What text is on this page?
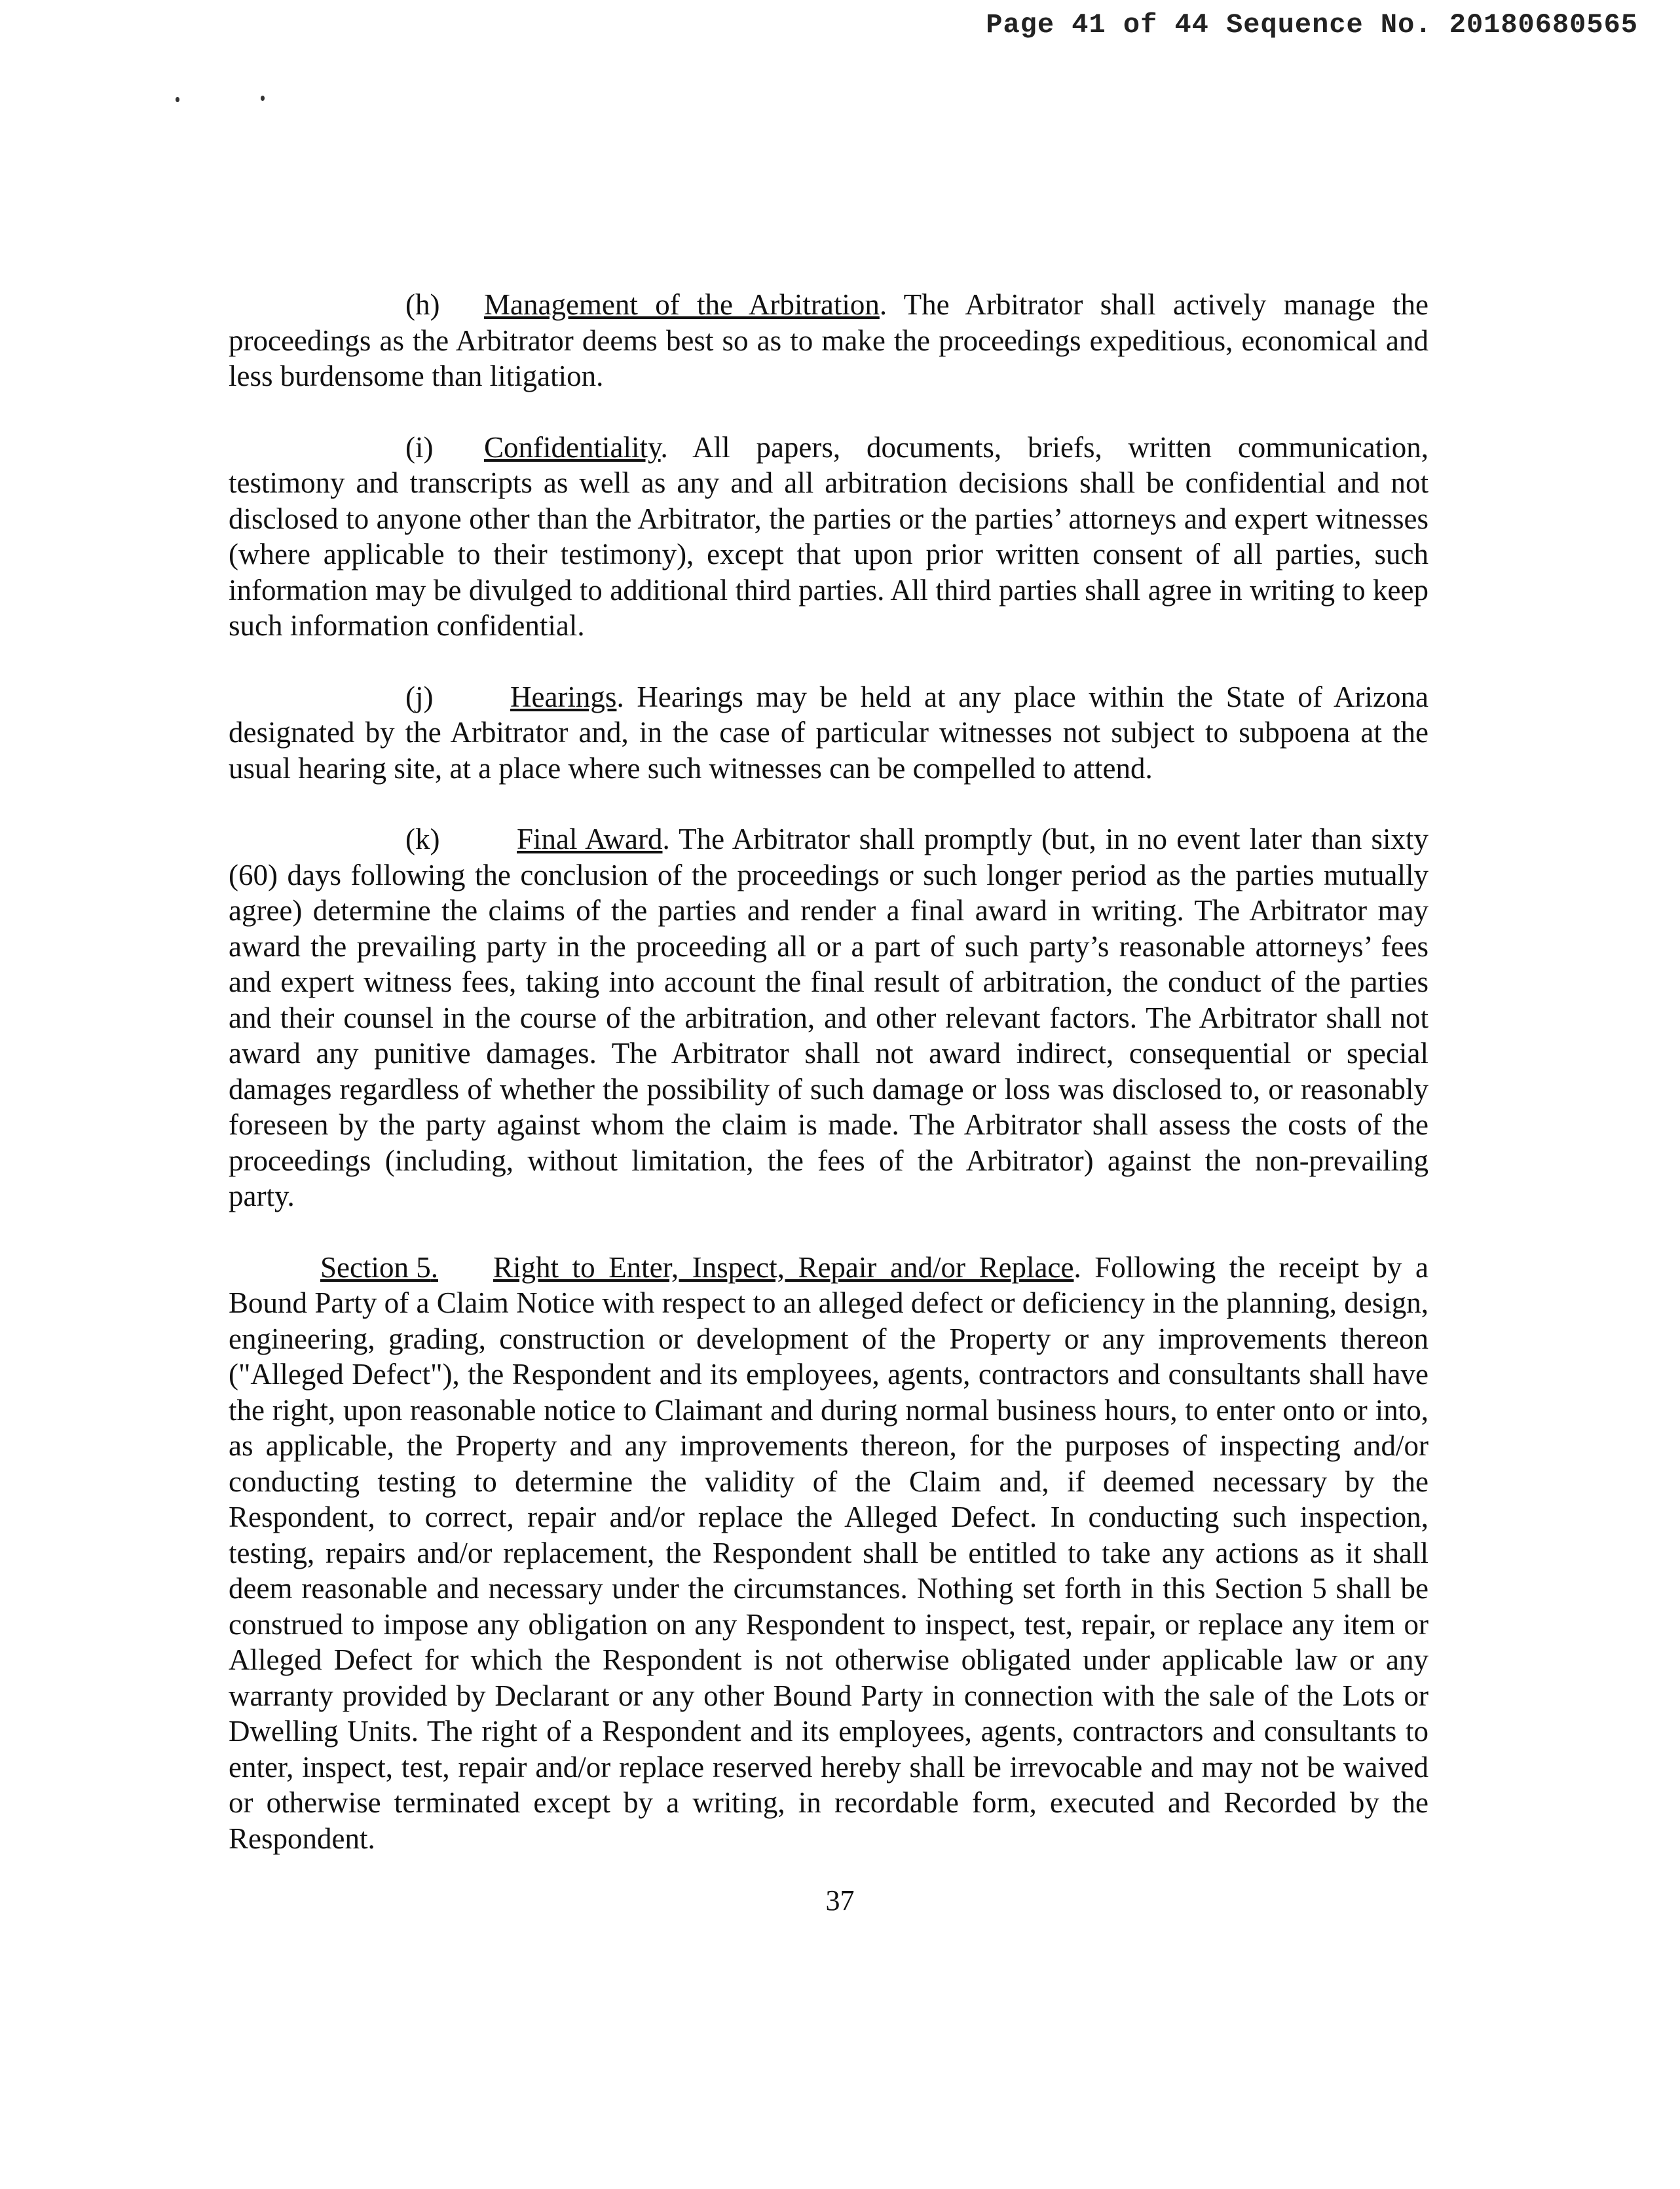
Page 41 of 44 Sequence No. 20180680565

(h) Management of the Arbitration. The Arbitrator shall actively manage the proceedings as the Arbitrator deems best so as to make the proceedings expeditious, economical and less burdensome than litigation.

(i) Confidentiality. All papers, documents, briefs, written communication, testimony and transcripts as well as any and all arbitration decisions shall be confidential and not disclosed to anyone other than the Arbitrator, the parties or the parties’ attorneys and expert witnesses (where applicable to their testimony), except that upon prior written consent of all parties, such information may be divulged to additional third parties. All third parties shall agree in writing to keep such information confidential.

(j)	Hearings. Hearings may be held at any place within the State of Arizona designated by the Arbitrator and, in the case of particular witnesses not subject to subpoena at the usual hearing site, at a place where such witnesses can be compelled to attend.

(k)	Final Award. The Arbitrator shall promptly (but, in no event later than sixty (60) days following the conclusion of the proceedings or such longer period as the parties mutually agree) determine the claims of the parties and render a final award in writing. The Arbitrator may award the prevailing party in the proceeding all or a part of such party’s reasonable attorneys’ fees and expert witness fees, taking into account the final result of arbitration, the conduct of the parties and their counsel in the course of the arbitration, and other relevant factors. The Arbitrator shall not award any punitive damages. The Arbitrator shall not award indirect, consequential or special damages regardless of whether the possibility of such damage or loss was disclosed to, or reasonably foreseen by the party against whom the claim is made. The Arbitrator shall assess the costs of the proceedings (including, without limitation, the fees of the Arbitrator) against the non-prevailing party.

Section 5. Right to Enter, Inspect, Repair and/or Replace. Following the receipt by a Bound Party of a Claim Notice with respect to an alleged defect or deficiency in the planning, design, engineering, grading, construction or development of the Property or any improvements thereon ("Alleged Defect"), the Respondent and its employees, agents, contractors and consultants shall have the right, upon reasonable notice to Claimant and during normal business hours, to enter onto or into, as applicable, the Property and any improvements thereon, for the purposes of inspecting and/or conducting testing to determine the validity of the Claim and, if deemed necessary by the Respondent, to correct, repair and/or replace the Alleged Defect. In conducting such inspection, testing, repairs and/or replacement, the Respondent shall be entitled to take any actions as it shall deem reasonable and necessary under the circumstances. Nothing set forth in this Section 5 shall be construed to impose any obligation on any Respondent to inspect, test, repair, or replace any item or Alleged Defect for which the Respondent is not otherwise obligated under applicable law or any warranty provided by Declarant or any other Bound Party in connection with the sale of the Lots or Dwelling Units. The right of a Respondent and its employees, agents, contractors and consultants to enter, inspect, test, repair and/or replace reserved hereby shall be irrevocable and may not be waived or otherwise terminated except by a writing, in recordable form, executed and Recorded by the Respondent.

37
